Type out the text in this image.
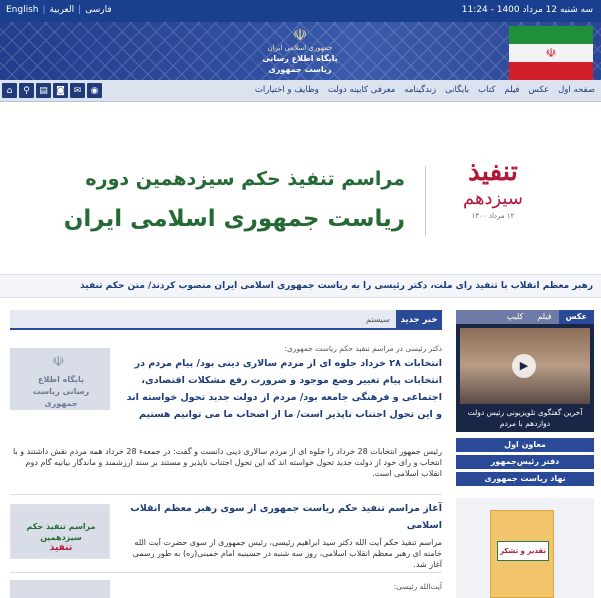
English | العربیة | فارسی	سه شنبه 12 مرداد 1400 - 11:24
☫
جمهوری اسلامی ایران
پایگاه اطلاع رسانی ریاست جمهوری
☫
صفحه اول
عکس
فیلم
کتاب
بایگانی
زندگینامه
معرفی کابینه دولت
وظایف و اختیارات
⌂	⚲	▤ ◙ ✉	◉
مراسم تنفیذ حکم سیزدهمین دوره
ریاست جمهوری اسلامی ایران
تنفیذ
سیزدهم
۱۲ مرداد ۱۴۰۰
رهبر معظم انقلاب با تنفیذ رای ملت، دکتر رئیسی را به ریاست جمهوری اسلامی ایران منصوب کردند/ متن حکم تنفیذ
خبر جدید
سیستم
دکتر رئیسی در مراسم تنفیذ حکم ریاست جمهوری:
انتخابات ۲۸ خرداد جلوه ای از مردم سالاری دینی بود/ پیام مردم در انتخابات پیام تغییر وضع موجود و ضرورت رفع مشکلات اقتصادی، اجتماعی و فرهنگی جامعه بود/ مردم از دولت جدید تحول خواسته اند و این تحول اجتناب ناپذیر است/ ما از اصحاب ما می توانیم هستیم
☫
پایگاه اطلاع
رسانی ریاست جمهوری
رئیس جمهور انتخابات 28 خرداد را جلوه ای از مردم سالاری دینی دانست و گفت: در جمعه‌ء 28 خرداد همه مردم نقش داشتند و با انتخاب و رای خود از دولت جدید تحول خواسته اند که این تحول اجتناب ناپذیر و مستند بر سند ارزشمند و ماندگار بیانیه گام دوم انقلاب اسلامی است.
آغاز مراسم تنفیذ حکم ریاست جمهوری از سوی رهبر معظم انقلاب اسلامی
مراسم تنفیذ حکم آیت الله دکتر سید ابراهیم رئیسی، رئیس جمهوری از سوی حضرت آیت الله خامنه ای رهبر معظم انقلاب اسلامی، روز سه شنبه در حسینیه امام خمینی(ره) به طور رسمی آغاز شد.
مراسم تنفیذ حکم سیزدهمین
تنفیذ
آیت‌الله رئیسی:
عکس
فیلم
کلیپ
▶
آخرین گفتگوی تلویزیونی رئیس دولت دوازدهم با مردم
معاون اول
دفتر رئیس‌جمهور
نهاد ریاست جمهوری
تقدیر و تشکر
